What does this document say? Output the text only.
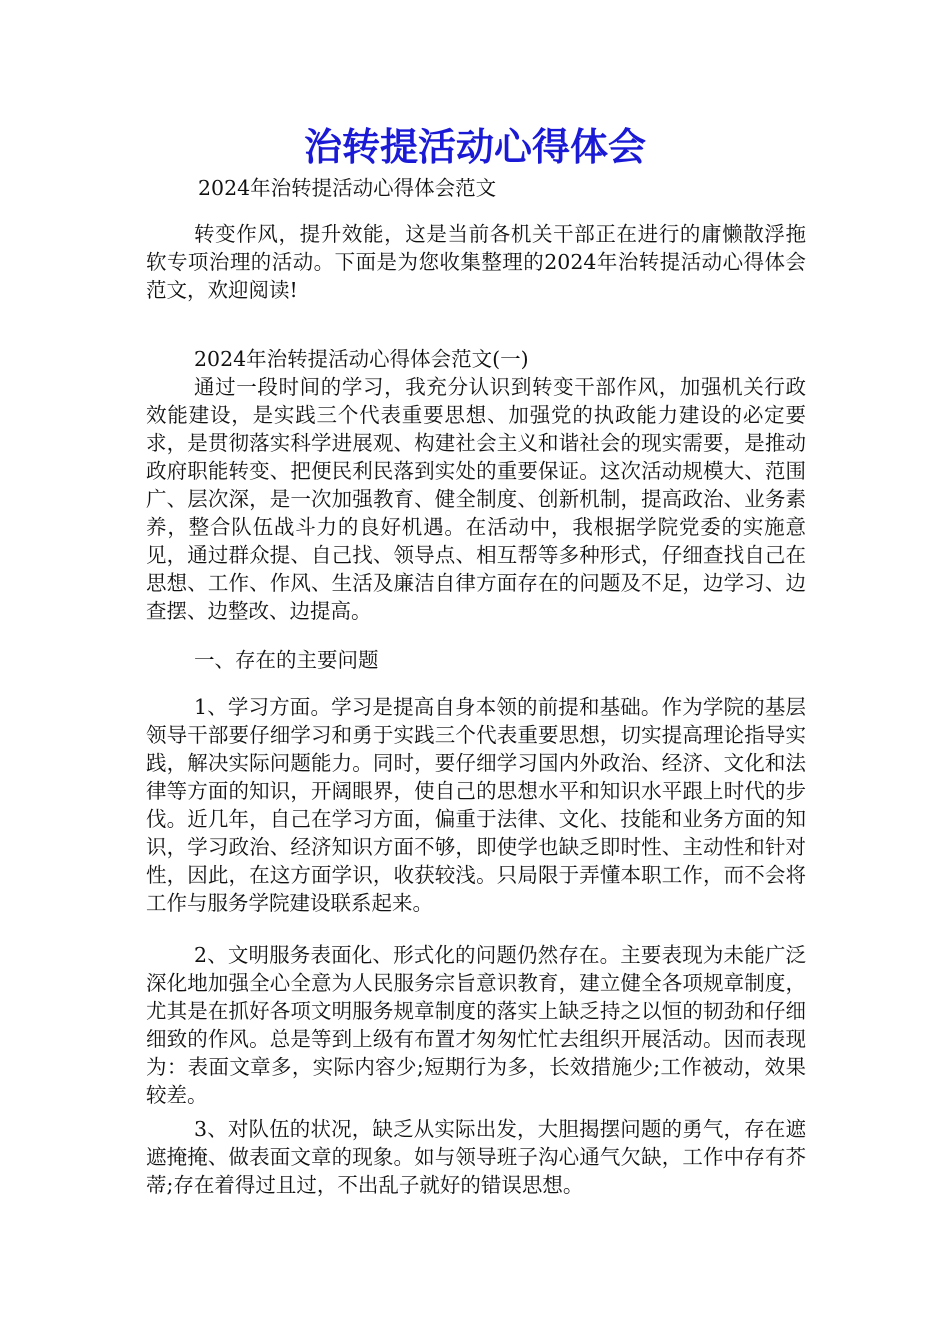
治转提活动心得体会

2024年治转提活动心得体会范文

转变作风，提升效能，这是当前各机关干部正在进行的庸懒散浮拖软专项治理的活动。下面是为您收集整理的2024年治转提活动心得体会范文，欢迎阅读!

2024年治转提活动心得体会范文(一)

通过一段时间的学习，我充分认识到转变干部作风，加强机关行政效能建设，是实践三个代表重要思想、加强党的执政能力建设的必定要求，是贯彻落实科学进展观、构建社会主义和谐社会的现实需要，是推动政府职能转变、把便民利民落到实处的重要保证。这次活动规模大、范围广、层次深，是一次加强教育、健全制度、创新机制，提高政治、业务素养，整合队伍战斗力的良好机遇。在活动中，我根据学院党委的实施意见，通过群众提、自己找、领导点、相互帮等多种形式，仔细查找自己在思想、工作、作风、生活及廉洁自律方面存在的问题及不足，边学习、边查摆、边整改、边提高。

一、存在的主要问题

1、学习方面。学习是提高自身本领的前提和基础。作为学院的基层领导干部要仔细学习和勇于实践三个代表重要思想，切实提高理论指导实践，解决实际问题能力。同时，要仔细学习国内外政治、经济、文化和法律等方面的知识，开阔眼界，使自己的思想水平和知识水平跟上时代的步伐。近几年，自己在学习方面，偏重于法律、文化、技能和业务方面的知识，学习政治、经济知识方面不够，即使学也缺乏即时性、主动性和针对性，因此，在这方面学识，收获较浅。只局限于弄懂本职工作，而不会将工作与服务学院建设联系起来。

2、文明服务表面化、形式化的问题仍然存在。主要表现为未能广泛深化地加强全心全意为人民服务宗旨意识教育，建立健全各项规章制度，尤其是在抓好各项文明服务规章制度的落实上缺乏持之以恒的韧劲和仔细细致的作风。总是等到上级有布置才匆匆忙忙去组织开展活动。因而表现为：表面文章多，实际内容少;短期行为多，长效措施少;工作被动，效果较差。

3、对队伍的状况，缺乏从实际出发，大胆揭摆问题的勇气，存在遮遮掩掩、做表面文章的现象。如与领导班子沟心通气欠缺，工作中存有芥蒂;存在着得过且过，不出乱子就好的错误思想。
